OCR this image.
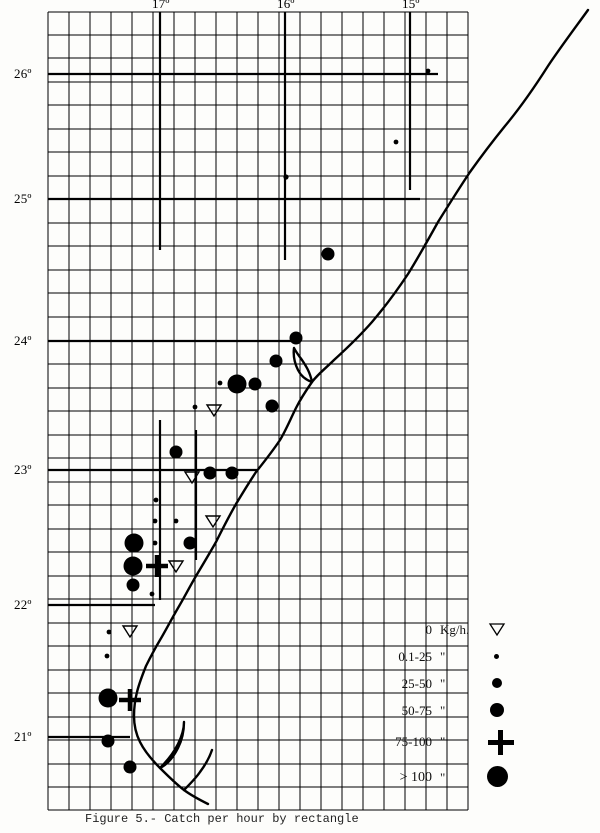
26º
25º
24º
23º
22º
21º
17º	16º	15º
0 Kg/h.
0.1-25 "
25-50 "
50-75 "
75-100 "
> 100 "
Figure 5.- Catch per hour by rectangle
